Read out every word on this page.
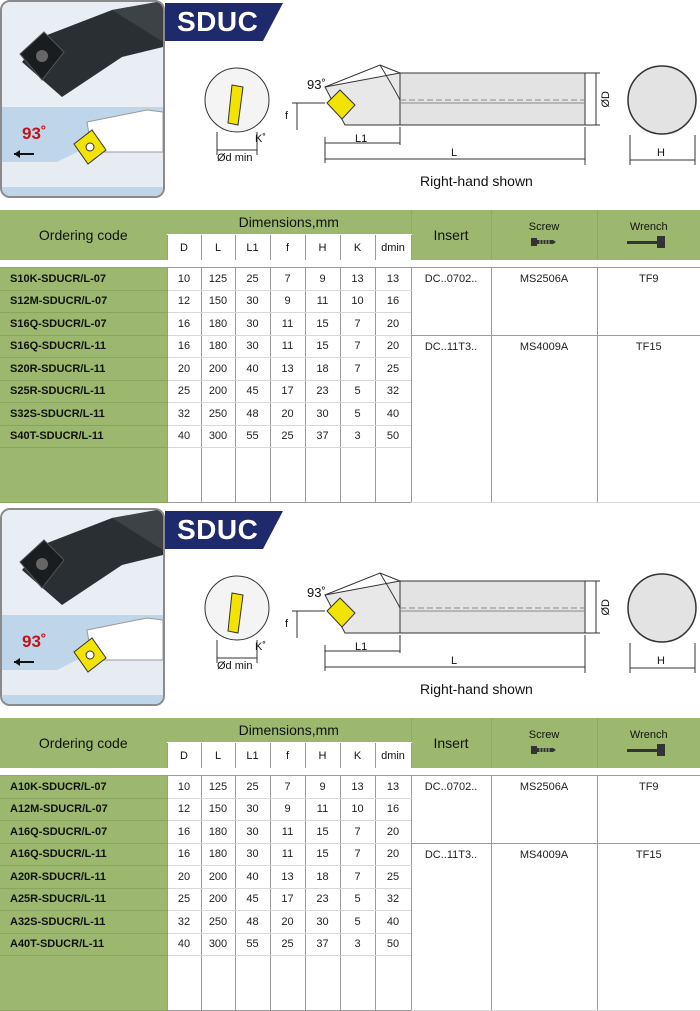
93˚
SDUC
93˚
f
L1
L
ØD
H
K˚
Ød min
Right-hand shown
Ordering code	Dimensions,mm							Insert	Screw	Wrench

	D	L	L1	f	H	K	dmin			

S10K-SDUCR/L-07	10	125	25	7	9	13	13	DC..0702..	MS2506A	TF9
S12M-SDUCR/L-07	12	150	30	9	11	10	16			
S16Q-SDUCR/L-07	16	180	30	11	15	7	20			
S16Q-SDUCR/L-11	16	180	30	11	15	7	20	DC..11T3..	MS4009A	TF15
S20R-SDUCR/L-11	20	200	40	13	18	7	25			
S25R-SDUCR/L-11	25	200	45	17	23	5	32			
S32S-SDUCR/L-11	32	250	48	20	30	5	40			
S40T-SDUCR/L-11	40	300	55	25	37	3	50			

93˚
SDUC
93˚
f
L1
L
ØD
H
K˚
Ød min
Right-hand shown
Ordering code	Dimensions,mm							Insert	Screw	Wrench

	D	L	L1	f	H	K	dmin			

A10K-SDUCR/L-07	10	125	25	7	9	13	13	DC..0702..	MS2506A	TF9
A12M-SDUCR/L-07	12	150	30	9	11	10	16			
A16Q-SDUCR/L-07	16	180	30	11	15	7	20			
A16Q-SDUCR/L-11	16	180	30	11	15	7	20	DC..11T3..	MS4009A	TF15
A20R-SDUCR/L-11	20	200	40	13	18	7	25			
A25R-SDUCR/L-11	25	200	45	17	23	5	32			
A32S-SDUCR/L-11	32	250	48	20	30	5	40			
A40T-SDUCR/L-11	40	300	55	25	37	3	50			
